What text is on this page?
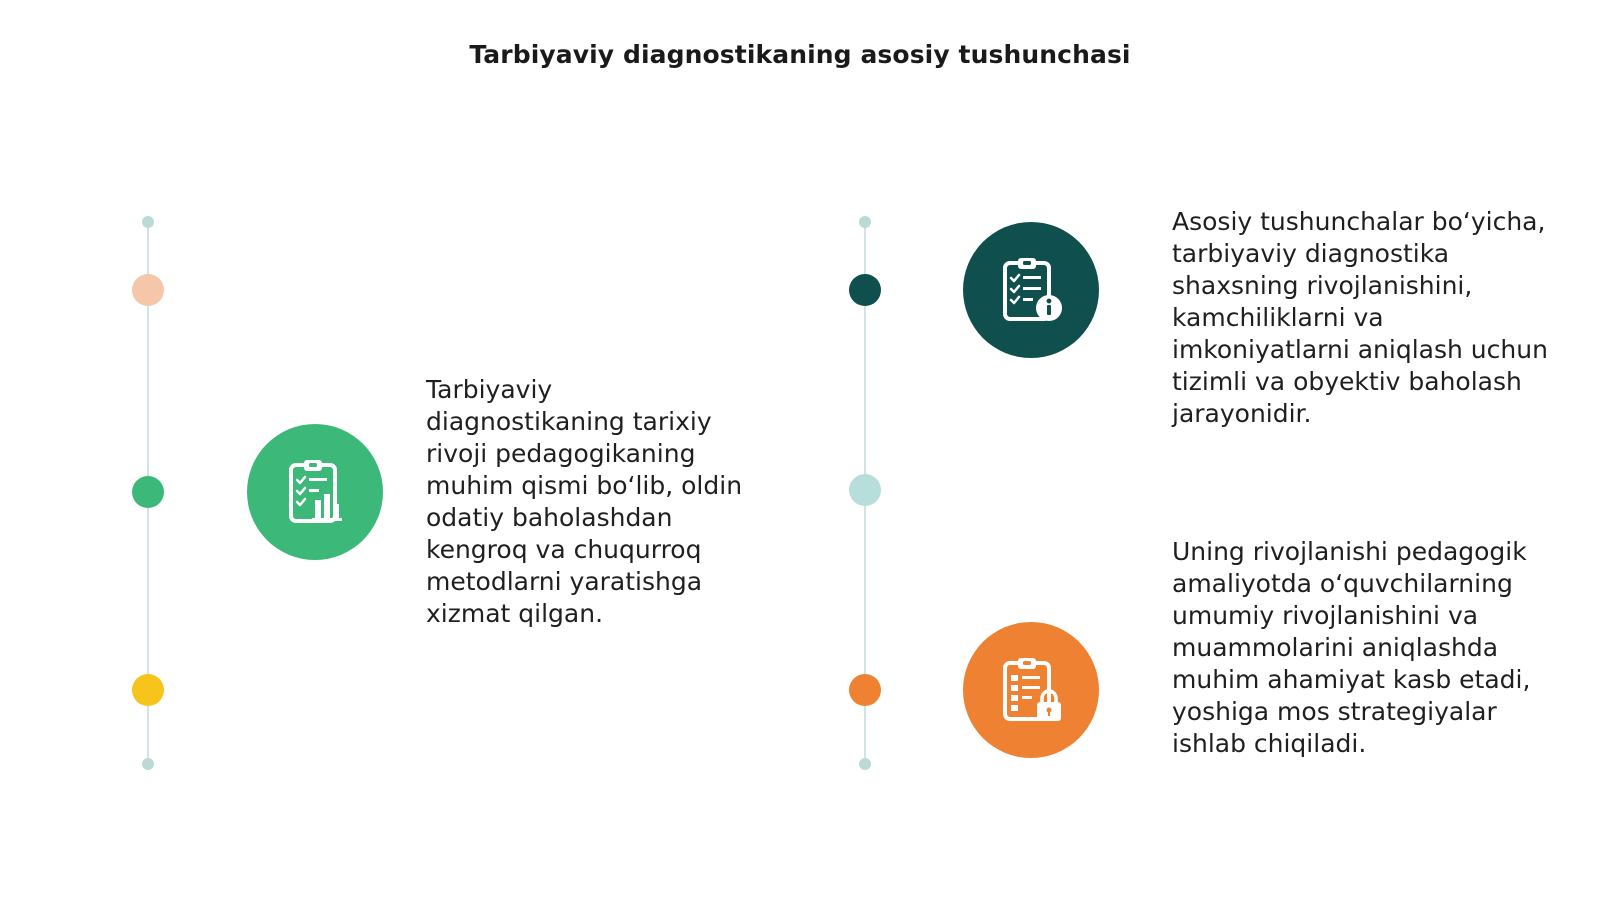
Tarbiyaviy diagnostikaning asosiy tushunchasi
Tarbiyaviy diagnostikaning tarixiy rivoji pedagogikaning muhim qismi bo‘lib, oldin odatiy baholashdan kengroq va chuqurroq metodlarni yaratishga xizmat qilgan.
Asosiy tushunchalar bo‘yicha, tarbiyaviy diagnostika shaxsning rivojlanishini, kamchiliklarni va imkoniyatlarni aniqlash uchun tizimli va obyektiv baholash jarayonidir.
Uning rivojlanishi pedagogik amaliyotda o‘quvchilarning umumiy rivojlanishini va muammolarini aniqlashda muhim ahamiyat kasb etadi, yoshiga mos strategiyalar ishlab chiqiladi.
